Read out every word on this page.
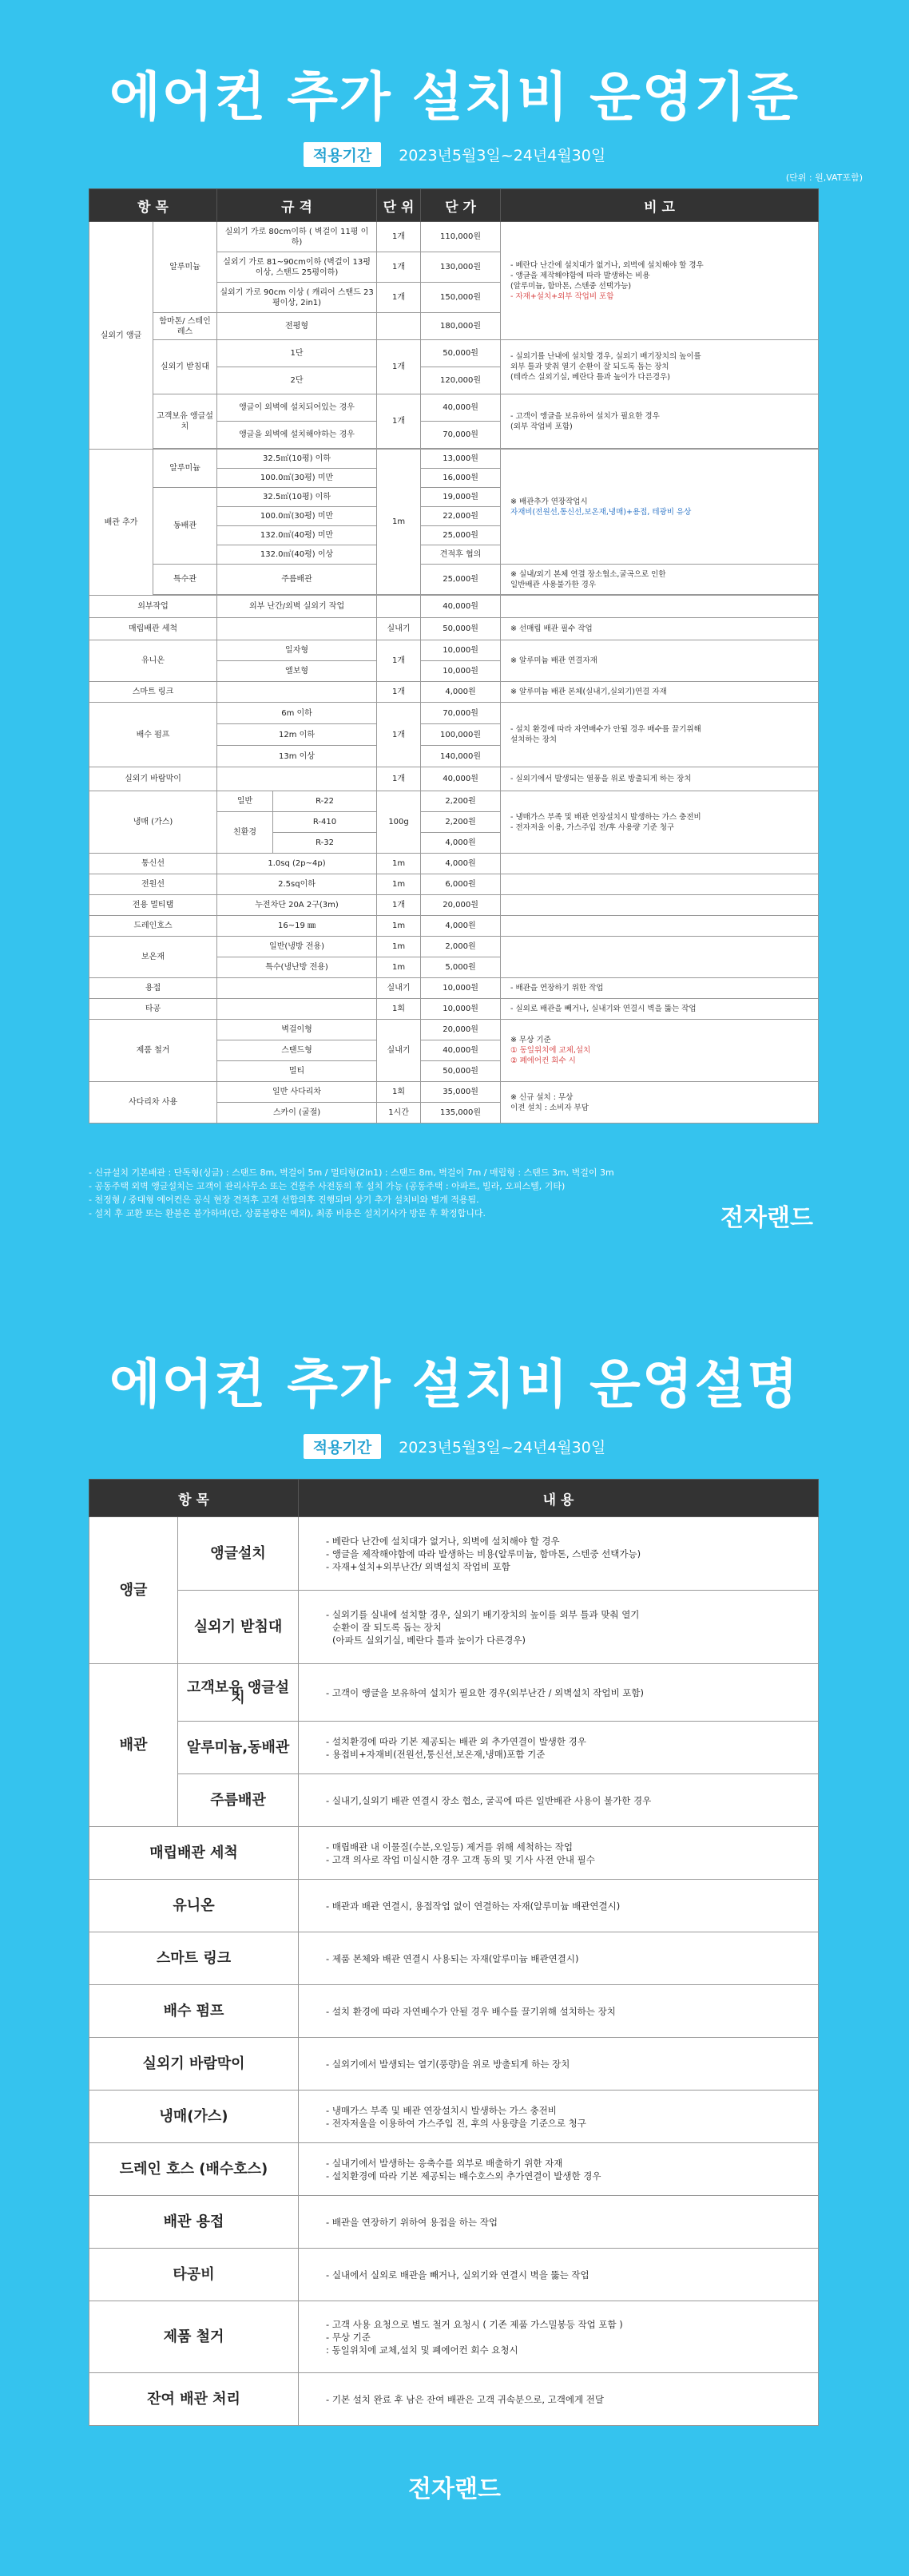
에어컨 추가 설치비 운영기준
적용기간 2023년5월3일~24년4월30일
(단위 : 원,VAT포함)
항 목		규 격		단 위	단 가	비 고
실외기 앵글	알루미늄	실외기 가로 80cm이하 ( 벽걸이 11평 이하)		1개	110,000원	- 베란다 난간에 설치대가 없거나, 외벽에 설치해야 할 경우
- 앵글을 제작해야함에 따라 발생하는 비용
(알루미늄, 함마톤, 스텐중 선택가능)
- 자재+설치+외부 작업비 포함

		실외기 가로 81~90cm이하 (벽걸이 13평이상, 스탠드 25평이하)		1개	130,000원	
		실외기 가로 90cm 이상 ( 캐리어 스탠드 23평이상, 2in1)		1개	150,000원	
	함마톤/ 스테인레스	전평형			180,000원	
	실외기 받침대	1단		1개	50,000원	- 실외기를 난내에 설치할 경우, 실외기 배기장치의 높이를
외부 틀과 맞춰 열기 순환이 잘 되도록 돕는 장치
(테라스 실외기실, 베란다 틀과 높이가 다른경우)

		2단			120,000원	
	고객보유 앵글설치	앵글이 외벽에 설치되어있는 경우		1개	40,000원	- 고객이 앵글을 보유하여 설치가 필요한 경우
(외부 작업비 포함)

		앵글을 외벽에 설치해야하는 경우			70,000원	

배관 추가	알루미늄	32.5㎡(10평) 이하		1m	13,000원	※ 배관추가 연장작업시
자재비(전원선,통신선,보온재,냉매)+용접, 테광비 유상

		100.0㎡(30평) 미만			16,000원	
	동배관	32.5㎡(10평) 이하			19,000원	
		100.0㎡(30평) 미만			22,000원	
		132.0㎡(40평) 미만			25,000원	
		132.0㎡(40평) 이상			견적후 협의	
	특수관	주름배관			25,000원	※ 실내/외기 본체 연결 장소협소,굴곡으로 인한
일반배관 사용불가한 경우

외부작업		외부 난간/외벽 실외기 작업			40,000원	
매립배관 세척				실내기	50,000원	※ 선매립 배관 필수 작업
유니온		일자형		1개	10,000원	※ 알루미늄 배관 연결자재
		엘보형			10,000원	
스마트 링크				1개	4,000원	※ 알루미늄 배관 본체(실내기,실외기)연결 자재
배수 펌프		6m 이하		1개	70,000원	- 설치 환경에 따라 자연배수가 안될 경우 배수를 끌기위해
설치하는 장치

		12m 이하			100,000원	
		13m 이상			140,000원	
실외기 바람막이				1개	40,000원	- 실외기에서 발생되는 열풍을 위로 방출되게 하는 장치
냉매 (가스)		일반	R-22	100g	2,200원	- 냉매가스 부족 및 배관 연장설치시 발생하는 가스 충전비
- 전자저울 이용, 가스주입 전/후 사용량 기준 청구

		친환경	R-410		2,200원	
			R-32		4,000원	
통신선		1.0sq (2p~4p)		1m	4,000원	
전원선		2.5sq이하		1m	6,000원	
전용 멀티탭		누전차단 20A 2구(3m)		1개	20,000원	
드레인호스		16~19 ㎜		1m	4,000원	
보온재		일반(냉방 전용)		1m	2,000원	
		특수(냉난방 전용)		1m	5,000원	
용접				실내기	10,000원	- 배관을 연장하기 위한 작업
타공				1회	10,000원	- 실외로 배관을 빼거나, 실내기와 연결시 벽을 뚫는 작업
제품 철거		벽걸이형		실내기	20,000원	※ 무상 기준
① 동일위치에 교체,설치
② 폐에어컨 회수 시

		스탠드형			40,000원	
		멀티			50,000원	
사다리차 사용		일반 사다리차		1회	35,000원	※ 신규 설치 : 무상
이전 설치 : 소비자 부담

		스카이 (굴절)		1시간	135,000원	
- 신규설치 기본배관 : 단독형(싱글) : 스탠드 8m, 벽걸이 5m / 멀티형(2in1) : 스탠드 8m, 벽걸이 7m / 매립형 : 스탠드 3m, 벽걸이 3m
- 공동주택 외벽 앵글설치는 고객이 관리사무소 또는 건물주 사전동의 후 설치 가능 (공동주택 : 아파트, 빌라, 오피스텔, 기타)
- 천정형 / 중대형 에어컨은 공식 현장 견적후 고객 선합의후 진행되며 상기 추가 설치비와 별개 적용됨.
- 설치 후 교환 또는 환불은 불가하며(단, 상품불량은 예외), 최종 비용은 설치기사가 방문 후 확정합니다.	전자랜드
에어컨 추가 설치비 운영설명
적용기간 2023년5월3일~24년4월30일
항 목		내 용
앵글	앵글설치	- 베란다 난간에 설치대가 없거나, 외벽에 설치해야 할 경우
- 앵글을 제작해야함에 따라 발생하는 비용(알루미늄, 함마톤, 스텐중 선택가능)
- 자재+설치+외부난간/ 외벽설치 작업비 포함

	실외기 받침대	- 실외기를 실내에 설치할 경우, 실외기 배기장치의 높이를 외부 틀과 맞춰 열기
순환이 잘 되도록 돕는 장치
(아파트 실외기실, 베란다 틀과 높이가 다른경우)

배관	고객보유 앵글설치	- 고객이 앵글을 보유하여 설치가 필요한 경우(외부난간 / 외벽설치 작업비 포함)

	알루미늄,동배관	- 설치환경에 따라 기본 제공되는 배관 외 추가연결이 발생한 경우
- 용접비+자재비(전원선,통신선,보온재,냉매)포함 기준

	주름배관	- 실내기,실외기 배관 연결시 장소 협소, 굴곡에 따른 일반배관 사용이 불가한 경우

매립배관 세척		- 매립배관 내 이물질(수분,오일등) 제거를 위해 세척하는 작업
- 고객 의사로 작업 미실시한 경우 고객 동의 및 기사 사전 안내 필수

유니온		- 배관과 배관 연결시, 용접작업 없이 연결하는 자재(알루미늄 배관연결시)

스마트 링크		- 제품 본체와 배관 연결시 사용되는 자재(알루미늄 배관연결시)

배수 펌프		- 설치 환경에 따라 자연배수가 안될 경우 배수를 끌기위해 설치하는 장치

실외기 바람막이		- 실외기에서 발생되는 열기(풍량)을 위로 방출되게 하는 장치

냉매(가스)		- 냉매가스 부족 및 배관 연장설치시 발생하는 가스 충전비
- 전자저울을 이용하여 가스주입 전, 후의 사용량을 기준으로 청구

드레인 호스 (배수호스)		- 실내기에서 발생하는 응축수를 외부로 배출하기 위한 자재
- 설치환경에 따라 기본 제공되는 배수호스외 추가연결이 발생한 경우

배관 용접		- 배관을 연장하기 위하여 용접을 하는 작업

타공비		- 실내에서 실외로 배관을 빼거나, 실외기와 연결시 벽을 뚫는 작업

제품 철거		- 고객 사용 요청으로 별도 철거 요청시 ( 기존 제품 가스밀봉등 작업 포함 )
- 무상 기준
: 동일위치에 교체,설치 및 폐에어컨 회수 요청시

잔여 배관 처리		- 기본 설치 완료 후 남은 잔여 배관은 고객 귀속분으로, 고객에게 전달
전자랜드
